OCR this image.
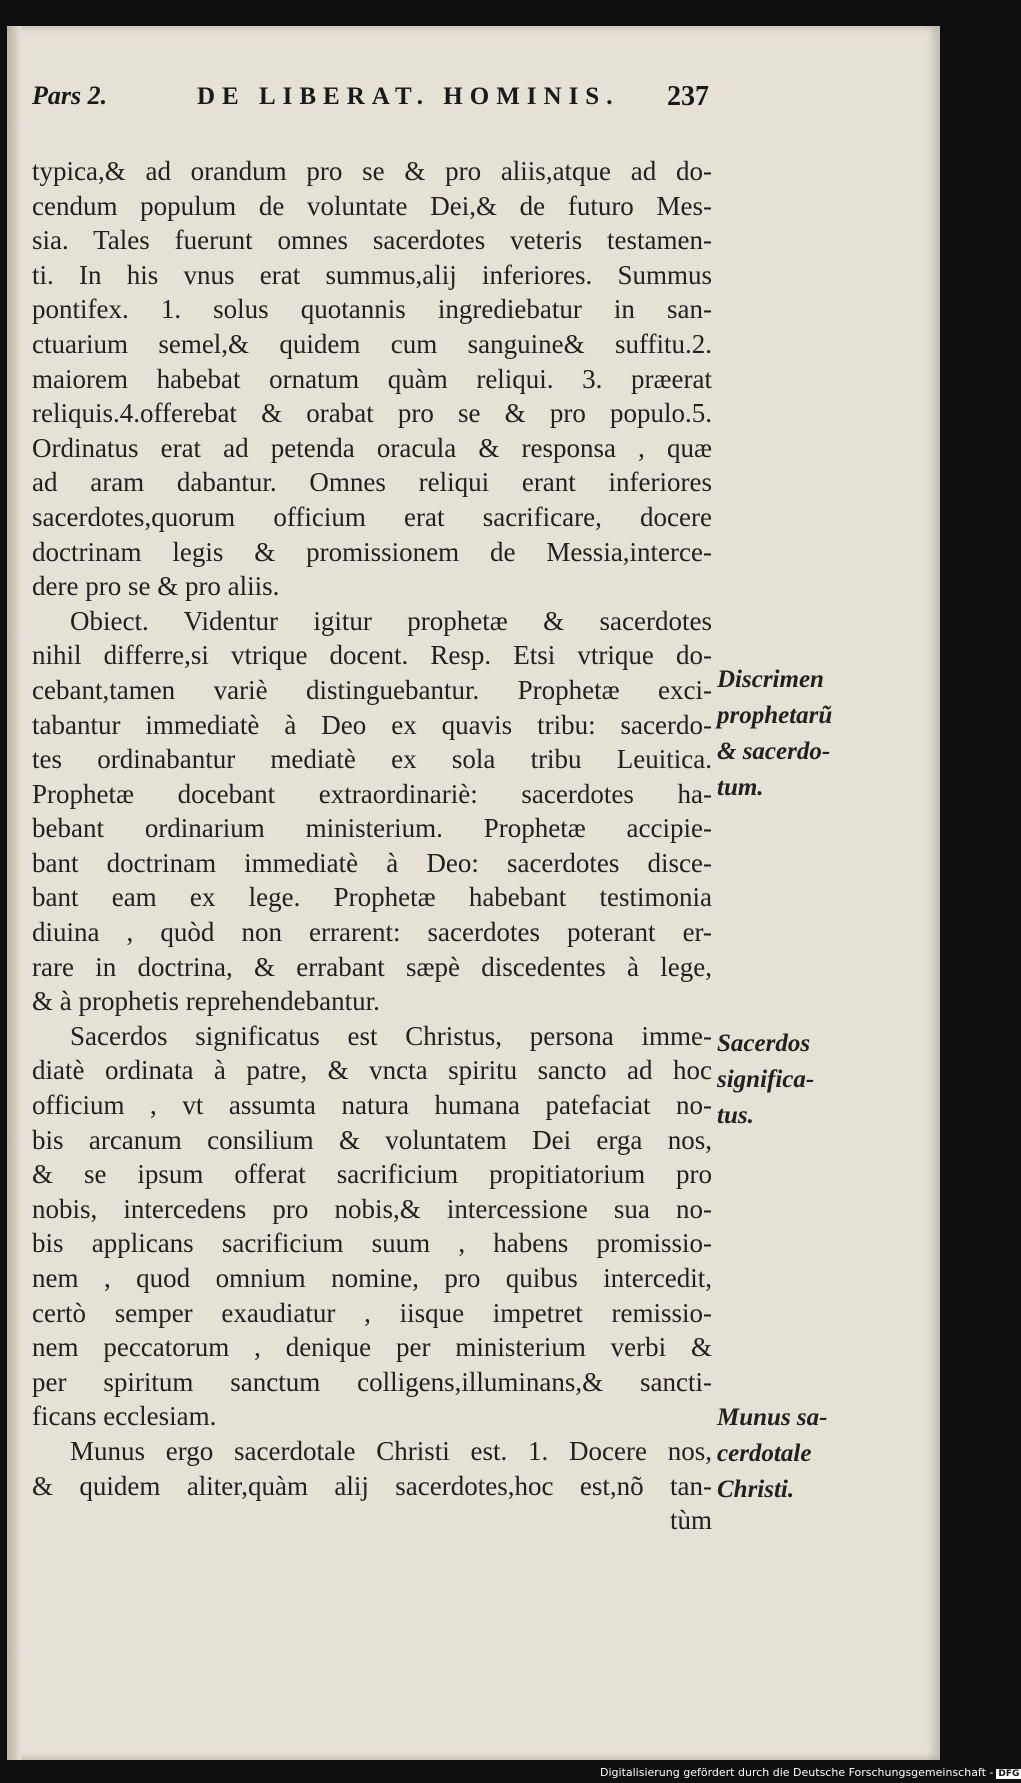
Pars 2.	DE LIBERAT. HOMINIS. 237
typica,& ad orandum pro se & pro aliis,atque ad do-
cendum populum de voluntate Dei,& de futuro Mes-
sia. Tales fuerunt omnes sacerdotes veteris testamen-
ti. In his vnus erat summus,alij inferiores. Summus
pontifex. 1. solus quotannis ingrediebatur in san-
ctuarium semel,& quidem cum sanguine& suffitu.2.
maiorem habebat ornatum quàm reliqui. 3. præerat
reliquis.4.offerebat & orabat pro se & pro populo.5.
Ordinatus erat ad petenda oracula & responsa , quæ
ad aram dabantur. Omnes reliqui erant inferiores
sacerdotes,quorum officium erat sacrificare, docere
doctrinam legis & promissionem de Messia,interce-
dere pro se & pro aliis.
Obiect. Videntur igitur prophetæ & sacerdotes
nihil differre,si vtrique docent. Resp. Etsi vtrique do-
cebant,tamen variè distinguebantur. Prophetæ exci-
tabantur immediatè à Deo ex quavis tribu: sacerdo-
tes ordinabantur mediatè ex sola tribu Leuitica.
Prophetæ docebant extraordinariè: sacerdotes ha-
bebant ordinarium ministerium. Prophetæ accipie-
bant doctrinam immediatè à Deo: sacerdotes disce-
bant eam ex lege. Prophetæ habebant testimonia
diuina , quòd non errarent: sacerdotes poterant er-
rare in doctrina, & errabant sæpè discedentes à lege,
& à prophetis reprehendebantur.
Sacerdos significatus est Christus, persona imme-
diatè ordinata à patre, & vncta spiritu sancto ad hoc
officium , vt assumta natura humana patefaciat no-
bis arcanum consilium & voluntatem Dei erga nos,
& se ipsum offerat sacrificium propitiatorium pro
nobis, intercedens pro nobis,& intercessione sua no-
bis applicans sacrificium suum , habens promissio-
nem , quod omnium nomine, pro quibus intercedit,
certò semper exaudiatur , iisque impetret remissio-
nem peccatorum , denique per ministerium verbi &
per spiritum sanctum colligens,illuminans,& sancti-
ficans ecclesiam.
Munus ergo sacerdotale Christi est. 1. Docere nos,
& quidem aliter,quàm alij sacerdotes,hoc est,nõ tan-
tùm
Discrimen
prophetarũ
& sacerdo-
tum.
Sacerdos
significa-
tus.
Munus sa-
cerdotale
Christi.
Digitalisierung gefördert durch die Deutsche Forschungsgemeinschaft - DFG
